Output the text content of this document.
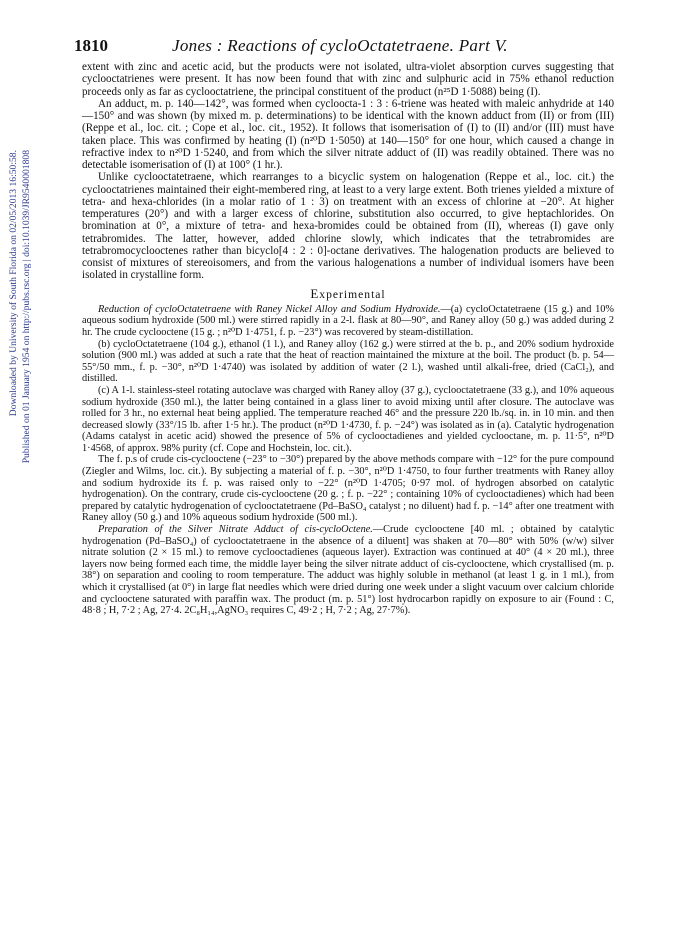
1810	Jones : Reactions of cycloOctatetraene. Part V.
Downloaded by University of South Florida on 02/05/2013 16:50:58. Published on 01 January 1954 on http://pubs.rsc.org | doi:10.1039/JR9540001808

extent with zinc and acetic acid, but the products were not isolated, ultra-violet absorption curves suggesting that cyclooctatrienes were present. It has now been found that with zinc and sulphuric acid in 75% ethanol reduction proceeds only as far as cyclooctatriene, the principal constituent of the product (n²⁵D 1·5088) being (I).

An adduct, m. p. 140—142°, was formed when cycloocta-1 : 3 : 6-triene was heated with maleic anhydride at 140—150° and was shown (by mixed m. p. determinations) to be identical with the known adduct from (II) or from (III) (Reppe et al., loc. cit. ; Cope et al., loc. cit., 1952). It follows that isomerisation of (I) to (II) and/or (III) must have taken place. This was confirmed by heating (I) (n²⁰D 1·5050) at 140—150° for one hour, which caused a change in refractive index to n²⁰D 1·5240, and from which the silver nitrate adduct of (II) was readily obtained. There was no detectable isomerisation of (I) at 100° (1 hr.).

Unlike cyclooctatetraene, which rearranges to a bicyclic system on halogenation (Reppe et al., loc. cit.) the cyclooctatrienes maintained their eight-membered ring, at least to a very large extent. Both trienes yielded a mixture of tetra- and hexa-chlorides (in a molar ratio of 1 : 3) on treatment with an excess of chlorine at −20°. At higher temperatures (20°) and with a larger excess of chlorine, substitution also occurred, to give heptachlorides. On bromination at 0°, a mixture of tetra- and hexa-bromides could be obtained from (II), whereas (I) gave only tetrabromides. The latter, however, added chlorine slowly, which indicates that the tetrabromides are tetrabromocyclooctenes rather than bicyclo[4 : 2 : 0]-octane derivatives. The halogenation products are believed to consist of mixtures of stereoisomers, and from the various halogenations a number of individual isomers have been isolated in crystalline form.

Experimental

Reduction of cycloOctatetraene with Raney Nickel Alloy and Sodium Hydroxide.—(a) cycloOctatetraene (15 g.) and 10% aqueous sodium hydroxide (500 ml.) were stirred rapidly in a 2-l. flask at 80—90°, and Raney alloy (50 g.) was added during 2 hr. The crude cyclooctene (15 g. ; n²⁰D 1·4751, f. p. −23°) was recovered by steam-distillation.

(b) cycloOctatetraene (104 g.), ethanol (1 l.), and Raney alloy (162 g.) were stirred at the b. p., and 20% sodium hydroxide solution (900 ml.) was added at such a rate that the heat of reaction maintained the mixture at the boil. The product (b. p. 54—55°/50 mm., f. p. −30°, n²⁰D 1·4740) was isolated by addition of water (2 l.), washed until alkali-free, dried (CaCl₂), and distilled.

(c) A 1-l. stainless-steel rotating autoclave was charged with Raney alloy (37 g.), cyclooctatetraene (33 g.), and 10% aqueous sodium hydroxide (350 ml.), the latter being contained in a glass liner to avoid mixing until after closure. The autoclave was rolled for 3 hr., no external heat being applied. The temperature reached 46° and the pressure 220 lb./sq. in. in 10 min. and then decreased slowly (33°/15 lb. after 1·5 hr.). The product (n²⁰D 1·4730, f. p. −24°) was isolated as in (a). Catalytic hydrogenation (Adams catalyst in acetic acid) showed the presence of 5% of cyclooctadienes and yielded cyclooctane, m. p. 11·5°, n²⁰D 1·4568, of approx. 98% purity (cf. Cope and Hochstein, loc. cit.).

The f. p.s of crude cis-cyclooctene (−23° to −30°) prepared by the above methods compare with −12° for the pure compound (Ziegler and Wilms, loc. cit.). By subjecting a material of f. p. −30°, n²⁰D 1·4750, to four further treatments with Raney alloy and sodium hydroxide its f. p. was raised only to −22° (n²⁰D 1·4705; 0·97 mol. of hydrogen absorbed on catalytic hydrogenation). On the contrary, crude cis-cyclooctene (20 g. ; f. p. −22° ; containing 10% of cyclooctadienes) which had been prepared by catalytic hydrogenation of cyclooctatetraene (Pd–BaSO₄ catalyst ; no diluent) had f. p. −14° after one treatment with Raney alloy (50 g.) and 10% aqueous sodium hydroxide (500 ml.).

Preparation of the Silver Nitrate Adduct of cis-cycloOctene.—Crude cyclooctene [40 ml. ; obtained by catalytic hydrogenation (Pd–BaSO₄) of cyclooctatetraene in the absence of a diluent] was shaken at 70—80° with 50% (w/w) silver nitrate solution (2 × 15 ml.) to remove cyclooctadienes (aqueous layer). Extraction was continued at 40° (4 × 20 ml.), three layers now being formed each time, the middle layer being the silver nitrate adduct of cis-cyclooctene, which crystallised (m. p. 38°) on separation and cooling to room temperature. The adduct was highly soluble in methanol (at least 1 g. in 1 ml.), from which it crystallised (at 0°) in large flat needles which were dried during one week under a slight vacuum over calcium chloride and cyclooctene saturated with paraffin wax. The product (m. p. 51°) lost hydrocarbon rapidly on exposure to air (Found : C, 48·8 ; H, 7·2 ; Ag, 27·4. 2C₈H₁₄,AgNO₃ requires C, 49·2 ; H, 7·2 ; Ag, 27·7%).
